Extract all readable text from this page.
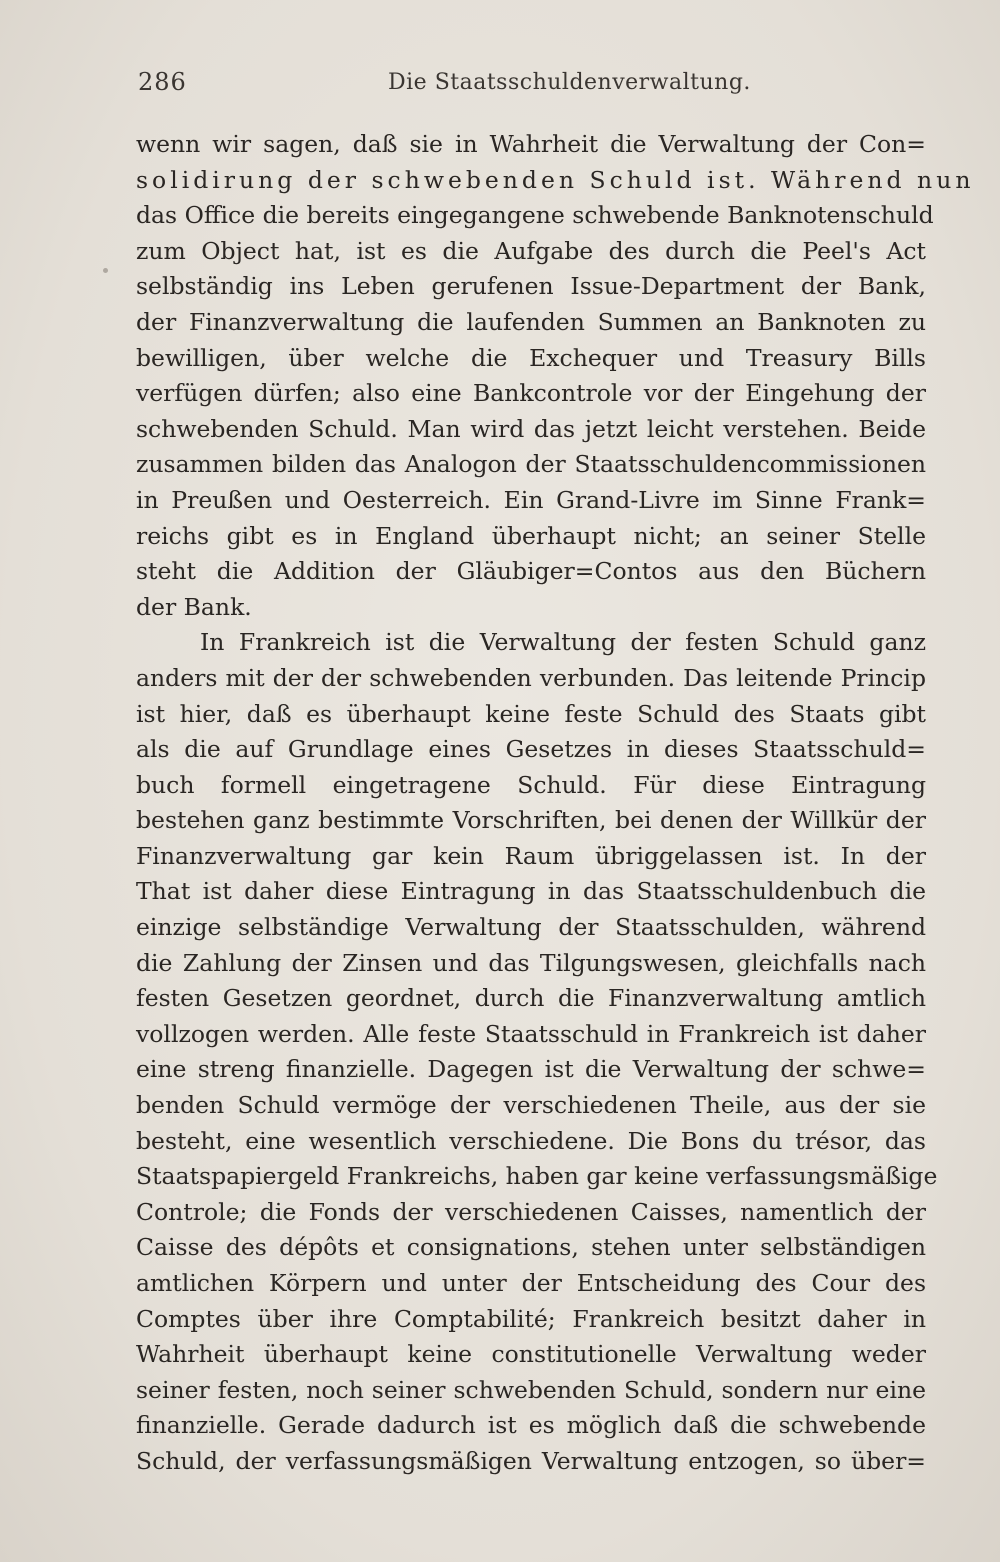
286	Die Staatsschuldenverwaltung.
wenn wir sagen, daß sie in Wahrheit die Verwaltung der Con=
solidirung der schwebenden Schuld ist. Während nun
das Office die bereits eingegangene schwebende Banknotenschuld
zum Object hat, ist es die Aufgabe des durch die Peel's Act
selbständig ins Leben gerufenen Issue-Department der Bank,
der Finanzverwaltung die laufenden Summen an Banknoten zu
bewilligen, über welche die Exchequer und Treasury Bills
verfügen dürfen; also eine Bankcontrole vor der Eingehung der
schwebenden Schuld. Man wird das jetzt leicht verstehen. Beide
zusammen bilden das Analogon der Staatsschuldencommissionen
in Preußen und Oesterreich. Ein Grand-Livre im Sinne Frank=
reichs gibt es in England überhaupt nicht; an seiner Stelle
steht die Addition der Gläubiger=Contos aus den Büchern
der Bank.
In Frankreich ist die Verwaltung der festen Schuld ganz
anders mit der der schwebenden verbunden. Das leitende Princip
ist hier, daß es überhaupt keine feste Schuld des Staats gibt
als die auf Grundlage eines Gesetzes in dieses Staatsschuld=
buch formell eingetragene Schuld. Für diese Eintragung
bestehen ganz bestimmte Vorschriften, bei denen der Willkür der
Finanzverwaltung gar kein Raum übriggelassen ist. In der
That ist daher diese Eintragung in das Staatsschuldenbuch die
einzige selbständige Verwaltung der Staatsschulden, während
die Zahlung der Zinsen und das Tilgungswesen, gleichfalls nach
festen Gesetzen geordnet, durch die Finanzverwaltung amtlich
vollzogen werden. Alle feste Staatsschuld in Frankreich ist daher
eine streng finanzielle. Dagegen ist die Verwaltung der schwe=
benden Schuld vermöge der verschiedenen Theile, aus der sie
besteht, eine wesentlich verschiedene. Die Bons du trésor, das
Staatspapiergeld Frankreichs, haben gar keine verfassungsmäßige
Controle; die Fonds der verschiedenen Caisses, namentlich der
Caisse des dépôts et consignations, stehen unter selbständigen
amtlichen Körpern und unter der Entscheidung des Cour des
Comptes über ihre Comptabilité; Frankreich besitzt daher in
Wahrheit überhaupt keine constitutionelle Verwaltung weder
seiner festen, noch seiner schwebenden Schuld, sondern nur eine
finanzielle. Gerade dadurch ist es möglich daß die schwebende
Schuld, der verfassungsmäßigen Verwaltung entzogen, so über=
